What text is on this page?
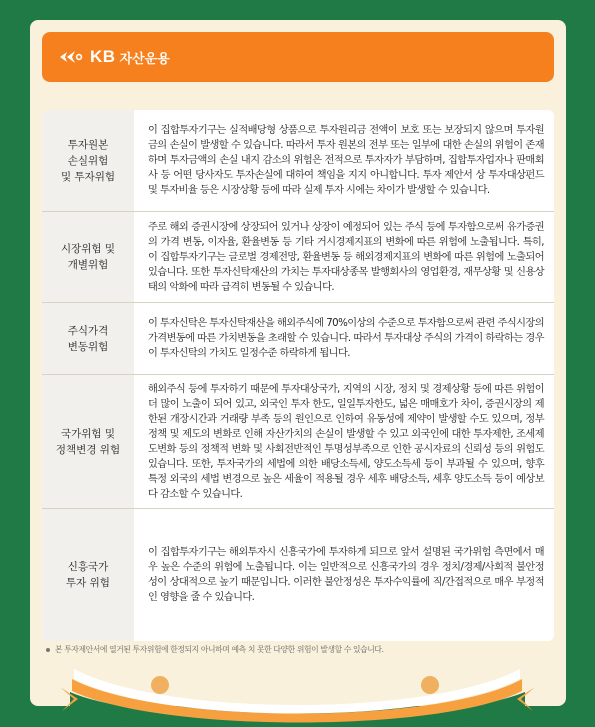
KB 자산운용
투자원본
손실위험
및 투자위험
이 집합투자기구는 실적배당형 상품으로 투자원리금 전액이 보호 또는 보장되지 않으며 투자원금의 손실이 발생할 수 있습니다. 따라서 투자 원본의 전부 또는 일부에 대한 손실의 위험이 존재하며 투자금액의 손실 내지 감소의 위험은 전적으로 투자자가 부담하며, 집합투자업자나 판매회사 등 어떤 당사자도 투자손실에 대하여 책임을 지지 아니합니다. 투자 제안서 상 투자대상펀드 및 투자비율 등은 시장상황 등에 따라 실제 투자 시에는 차이가 발생할 수 있습니다.
시장위험 및
개별위험
주로 해외 증권시장에 상장되어 있거나 상장이 예정되어 있는 주식 등에 투자함으로써 유가증권의 가격 변동, 이자율, 환율변동 등 기타 거시경제지표의 변화에 따른 위험에 노출됩니다. 특히, 이 집합투자기구는 글로벌 경제전망, 환율변동 등 해외경제지표의 변화에 따른 위험에 노출되어 있습니다. 또한 투자신탁재산의 가치는 투자대상종목 발행회사의 영업환경, 재무상황 및 신용상태의 악화에 따라 급격히 변동될 수 있습니다.
주식가격
변동위험
이 투자신탁은 투자신탁재산을 해외주식에 70%이상의 수준으로 투자함으로써 관련 주식시장의 가격변동에 따른 가치변동을 초래할 수 있습니다. 따라서 투자대상 주식의 가격이 하락하는 경우 이 투자신탁의 가치도 일정수준 하락하게 됩니다.
국가위험 및
정책변경 위험
해외주식 등에 투자하기 때문에 투자대상국가, 지역의 시장, 정치 및 경제상황 등에 따른 위험이 더 많이 노출이 되어 있고, 외국인 투자 한도, 일일투자한도, 넓은 매매호가 차이, 증권시장의 제한된 개장시간과 거래량 부족 등의 원인으로 인하여 유동성에 제약이 발생할 수도 있으며, 정부정책 및 제도의 변화로 인해 자산가치의 손실이 발생할 수 있고 외국인에 대한 투자제한, 조세제도변화 등의 정책적 변화 및 사회전반적인 투명성부족으로 인한 공시자료의 신뢰성 등의 위험도 있습니다. 또한, 투자국가의 세법에 의한 배당소득세, 양도소득세 등이 부과될 수 있으며, 향후 특정 외국의 세법 변경으로 높은 세율이 적용될 경우 세후 배당소득, 세후 양도소득 등이 예상보다 감소할 수 있습니다.
신흥국가
투자 위험
이 집합투자기구는 해외투자시 신흥국가에 투자하게 되므로 앞서 설명된 국가위험 측면에서 매우 높은 수준의 위험에 노출됩니다. 이는 일반적으로 신흥국가의 경우 정치/경제/사회적 불안정성이 상대적으로 높기 때문입니다. 이러한 불안정성은 투자수익률에 직/간접적으로 매우 부정적인 영향을 줄 수 있습니다.
본 투자제안서에 열거된 투자위험에 한정되지 아니하며 예측 치 못한 다양한 위험이 발생할 수 있습니다.
